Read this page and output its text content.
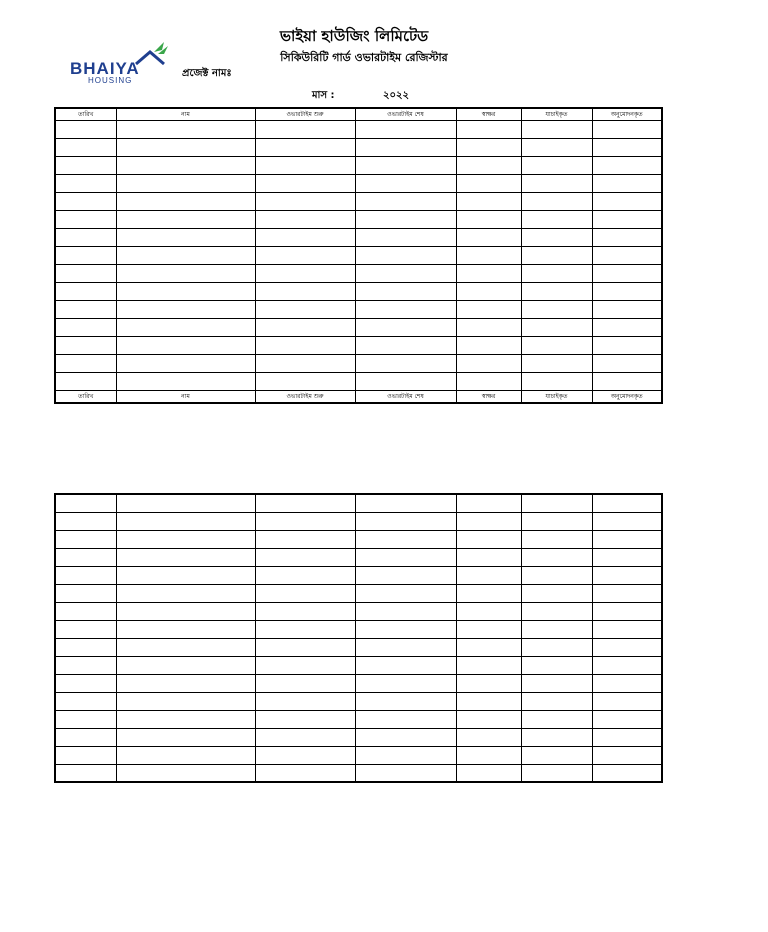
ভাইয়া হাউজিং লিমিটেড
সিকিউরিটি গার্ড ওভারটাইম রেজিস্টার
BHAIYA
HOUSING
প্রজেক্ট নামঃ
মাস :	২০২২
তারিখ	নাম	ওভারটাইম শুরু	ওভারটাইম শেষ	স্বাক্ষর	যাচাইকৃত	অনুমোদনকৃত

তারিখ	নাম	ওভারটাইম শুরু	ওভারটাইম শেষ	স্বাক্ষর	যাচাইকৃত	অনুমোদনকৃত
